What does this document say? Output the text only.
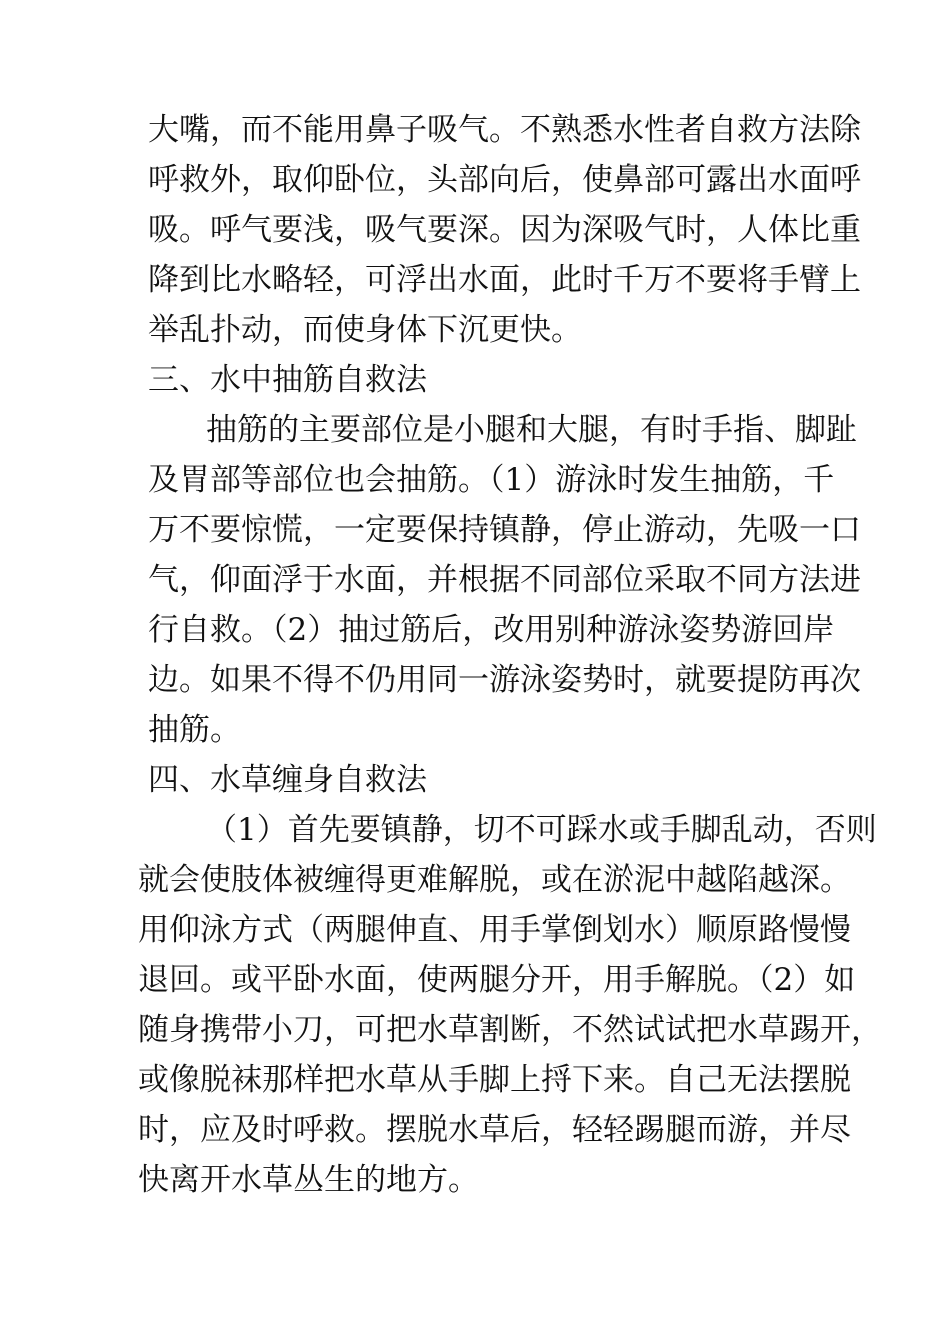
大嘴，而不能用鼻子吸气。不熟悉水性者自救方法除
呼救外，取仰卧位，头部向后，使鼻部可露出水面呼
吸。呼气要浅，吸气要深。因为深吸气时，人体比重
降到比水略轻，可浮出水面，此时千万不要将手臂上
举乱扑动，而使身体下沉更快。
三、水中抽筋自救法
抽筋的主要部位是小腿和大腿，有时手指、脚趾
及胃部等部位也会抽筋。（1）游泳时发生抽筋，千
万不要惊慌，一定要保持镇静，停止游动，先吸一口
气，仰面浮于水面，并根据不同部位采取不同方法进
行自救。（2）抽过筋后，改用别种游泳姿势游回岸
边。如果不得不仍用同一游泳姿势时，就要提防再次
抽筋。
四、水草缠身自救法
（1）首先要镇静，切不可踩水或手脚乱动，否则
就会使肢体被缠得更难解脱，或在淤泥中越陷越深。
用仰泳方式（两腿伸直、用手掌倒划水）顺原路慢慢
退回。或平卧水面，使两腿分开，用手解脱。（2）如
随身携带小刀，可把水草割断，不然试试把水草踢开，
或像脱袜那样把水草从手脚上捋下来。自己无法摆脱
时，应及时呼救。摆脱水草后，轻轻踢腿而游，并尽
快离开水草丛生的地方。
